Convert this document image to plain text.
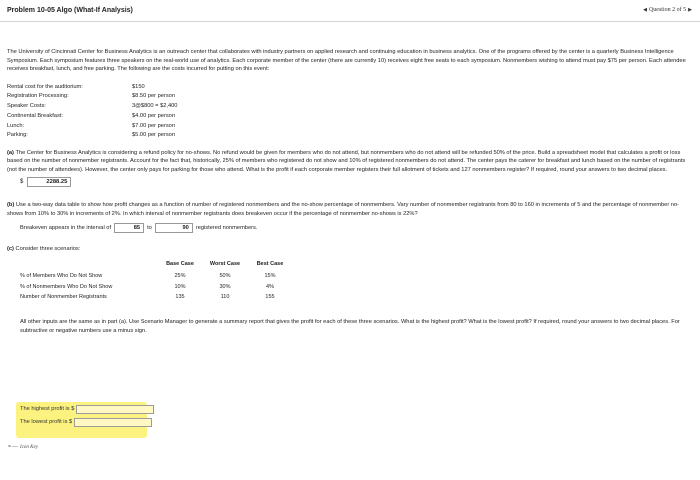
Problem 10-05 Algo (What-If Analysis)	◀ Question 2 of 5 ▶

The University of Cincinnati Center for Business Analytics is an outreach center that collaborates with industry partners on applied research and continuing education in business analytics. One of the programs offered by the center is a quarterly Business Intelligence Symposium. Each symposium features three speakers on the real-world use of analytics. Each corporate member of the center (there are currently 10) receives eight free seats to each symposium. Nonmembers wishing to attend must pay $75 per person. Each attendee receives breakfast, lunch, and free parking. The following are the costs incurred for putting on this event:

Rental cost for the auditorium:	$150
Registration Processing:	$8.50 per person
Speaker Costs:	3@$800 = $2,400
Continental Breakfast:	$4.00 per person
Lunch:	$7.00 per person
Parking:	$5.00 per person
(a) The Center for Business Analytics is considering a refund policy for no-shows. No refund would be given for members who do not attend, but nonmembers who do not attend will be refunded 50% of the price. Build a spreadsheet model that calculates a profit or loss based on the number of nonmember registrants. Account for the fact that, historically, 25% of members who registered do not show and 10% of registered nonmembers do not attend. The center pays the caterer for breakfast and lunch based on the number of registrants (not the number of attendees). However, the center only pays for parking for those who attend. What is the profit if each corporate member registers their full allotment of tickets and 127 nonmembers register? If required, round your answers to two decimal places.
$	2288.25
(b) Use a two-way data table to show how profit changes as a function of number of registered nonmembers and the no-show percentage of nonmembers. Vary number of nonmember registrants from 80 to 160 in increments of 5 and the percentage of nonmember no-shows from 10% to 30% in increments of 2%. In which interval of nonmember registrants does breakeven occur if the percentage of nonmember no-shows is 22%?
Breakeven appears in the interval of	85	to	90	registered nonmembers.
(c) Consider three scenarios:
	Base Case	Worst Case	Best Case
% of Members Who Do Not Show	25%	50%	15%
% of Nonmembers Who Do Not Show	10%	30%	4%
Number of Nonmember Registrants	135	110	155

All other inputs are the same as in part (a). Use Scenario Manager to generate a summary report that gives the profit for each of these three scenarios. What is the highest profit? What is the lowest profit? If required, round your answers to two decimal places. For subtractive or negative numbers use a minus sign.

The highest profit is $
The lowest profit is $
⚬— Icon Key
